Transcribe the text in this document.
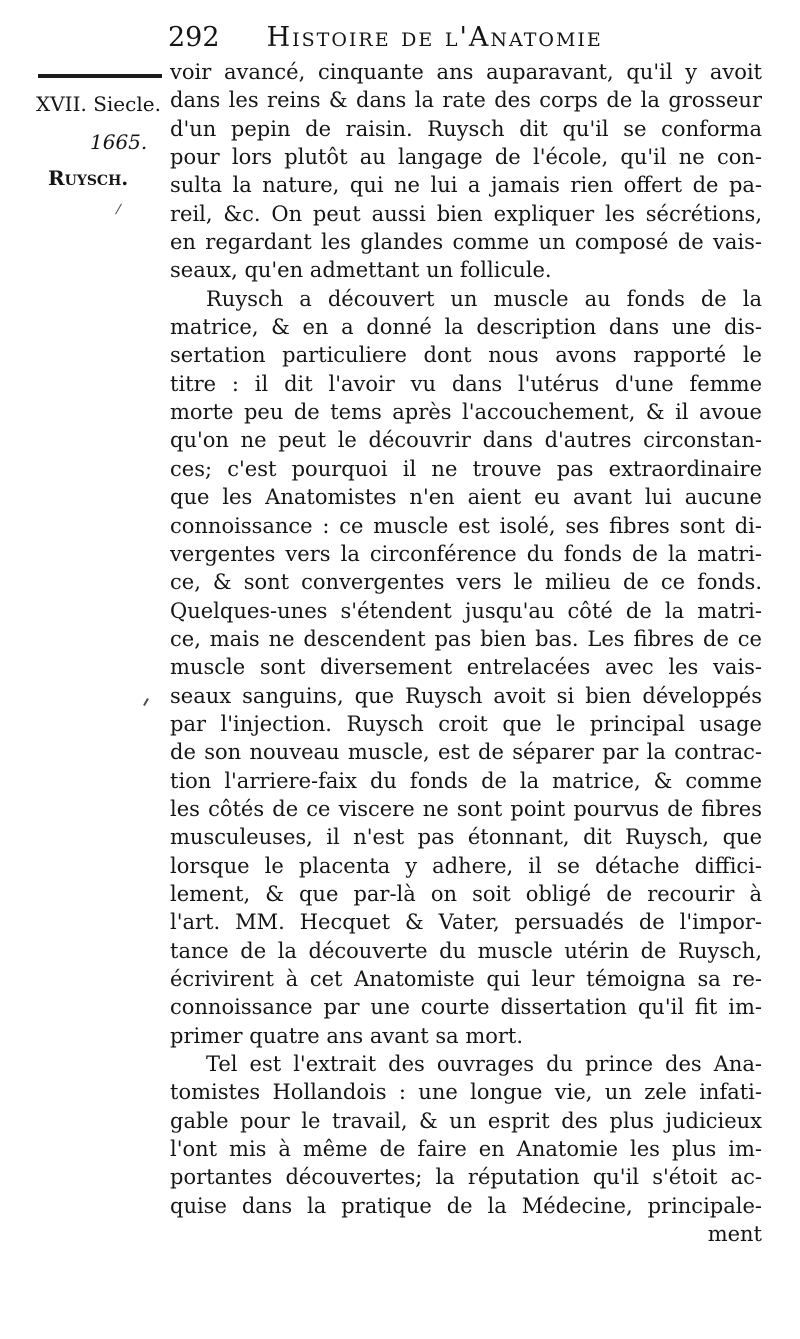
292 Histoire de l'Anatomie
XVII. Siecle.
1665.
Ruysch.
voir avancé, cinquante ans auparavant, qu'il y avoit
dans les reins & dans la rate des corps de la grosseur
d'un pepin de raisin. Ruysch dit qu'il se conforma
pour lors plutôt au langage de l'école, qu'il ne con-
sulta la nature, qui ne lui a jamais rien offert de pa-
reil, &c. On peut aussi bien expliquer les sécrétions,
en regardant les glandes comme un composé de vais-
seaux, qu'en admettant un follicule.
Ruysch a découvert un muscle au fonds de la
matrice, & en a donné la description dans une dis-
sertation particuliere dont nous avons rapporté le
titre : il dit l'avoir vu dans l'utérus d'une femme
morte peu de tems après l'accouchement, & il avoue
qu'on ne peut le découvrir dans d'autres circonstan-
ces; c'est pourquoi il ne trouve pas extraordinaire
que les Anatomistes n'en aient eu avant lui aucune
connoissance : ce muscle est isolé, ses fibres sont di-
vergentes vers la circonférence du fonds de la matri-
ce, & sont convergentes vers le milieu de ce fonds.
Quelques-unes s'étendent jusqu'au côté de la matri-
ce, mais ne descendent pas bien bas. Les fibres de ce
muscle sont diversement entrelacées avec les vais-
seaux sanguins, que Ruysch avoit si bien développés
par l'injection. Ruysch croit que le principal usage
de son nouveau muscle, est de séparer par la contrac-
tion l'arriere-faix du fonds de la matrice, & comme
les côtés de ce viscere ne sont point pourvus de fibres
musculeuses, il n'est pas étonnant, dit Ruysch, que
lorsque le placenta y adhere, il se détache diffici-
lement, & que par-là on soit obligé de recourir à
l'art. MM. Hecquet & Vater, persuadés de l'impor-
tance de la découverte du muscle utérin de Ruysch,
écrivirent à cet Anatomiste qui leur témoigna sa re-
connoissance par une courte dissertation qu'il fit im-
primer quatre ans avant sa mort.
Tel est l'extrait des ouvrages du prince des Ana-
tomistes Hollandois : une longue vie, un zele infati-
gable pour le travail, & un esprit des plus judicieux
l'ont mis à même de faire en Anatomie les plus im-
portantes découvertes; la réputation qu'il s'étoit ac-
quise dans la pratique de la Médecine, principale-
ment
